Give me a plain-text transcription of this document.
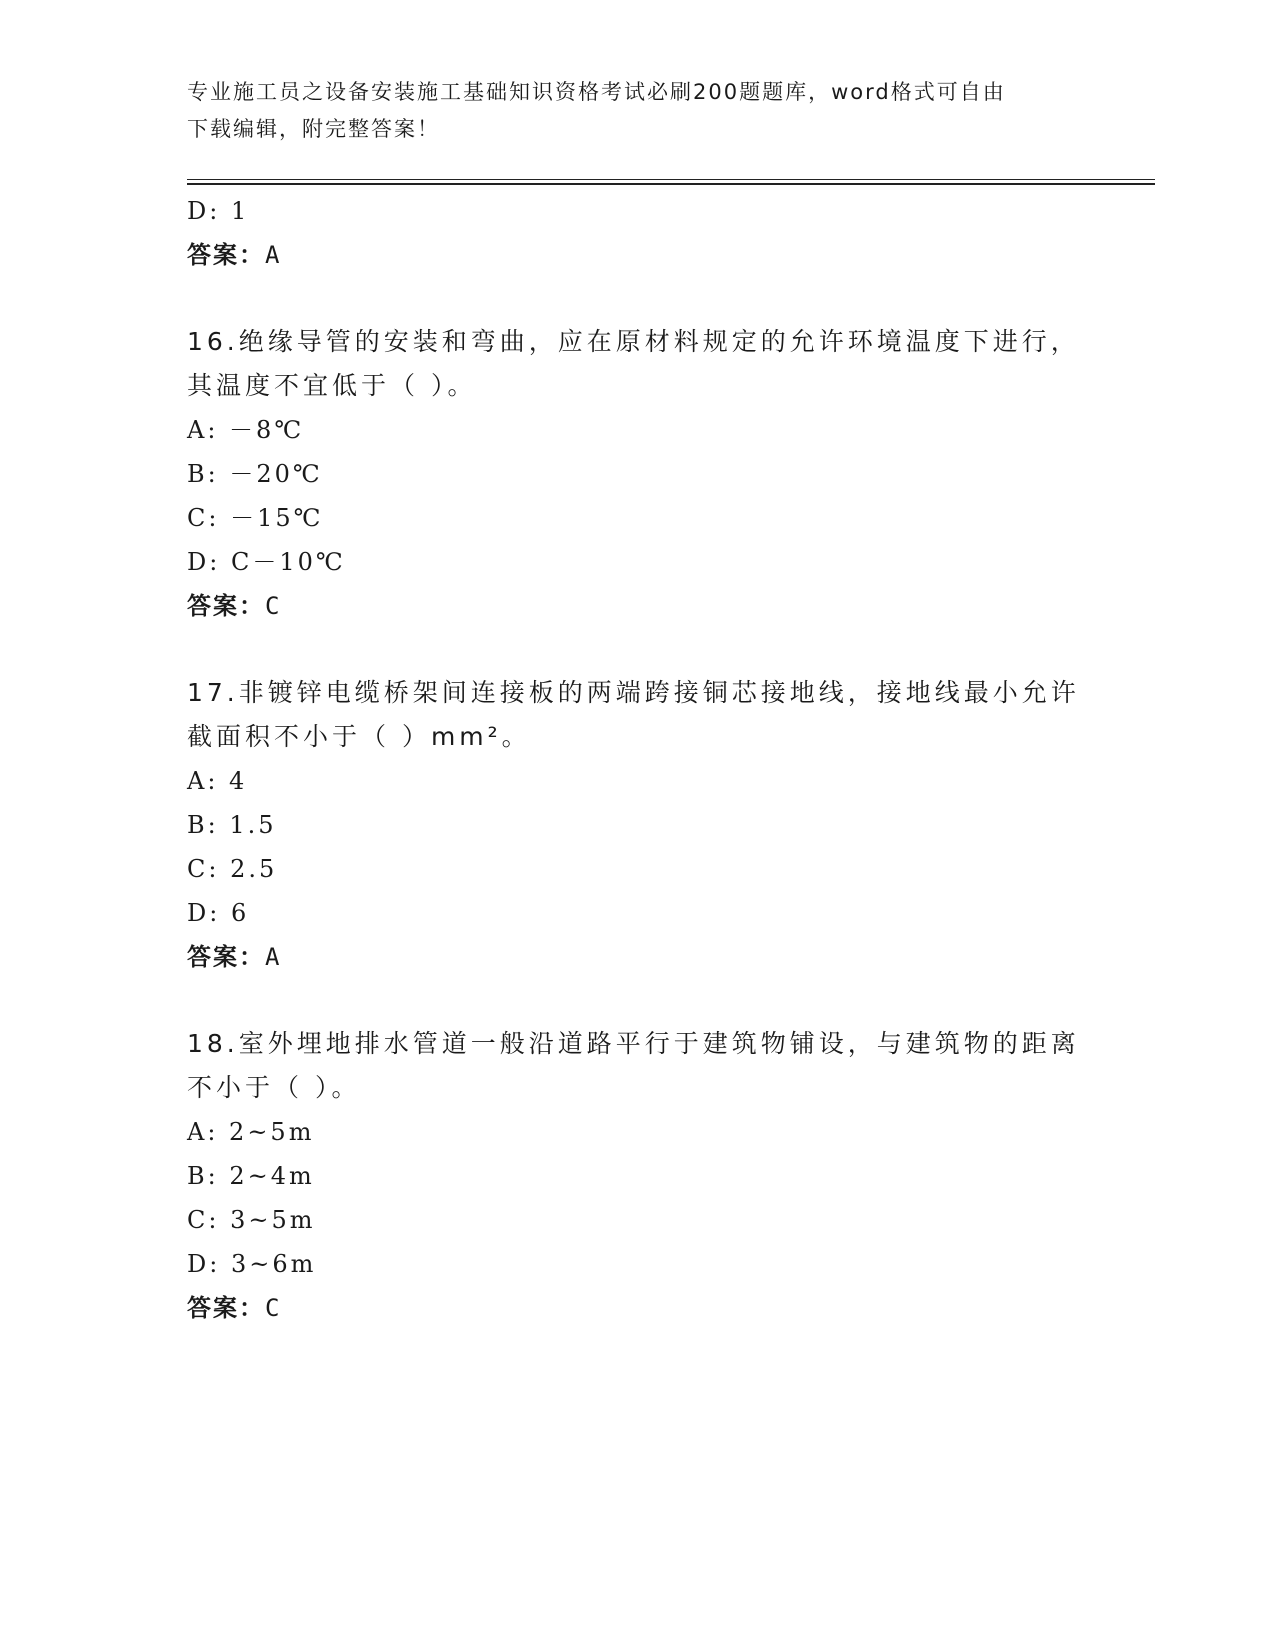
专业施工员之设备安装施工基础知识资格考试必刷200题题库，word格式可自由
下载编辑，附完整答案！
D: 1
答案：A
16.绝缘导管的安装和弯曲，应在原材料规定的允许环境温度下进行，
其温度不宜低于（ ）。
A: －8℃
B: －20℃
C: －15℃
D: C－10℃
答案：C
17.非镀锌电缆桥架间连接板的两端跨接铜芯接地线，接地线最小允许
截面积不小于（ ）mm²。
A: 4
B: 1.5
C: 2.5
D: 6
答案：A
18.室外埋地排水管道一般沿道路平行于建筑物铺设，与建筑物的距离
不小于（ ）。
A: 2~5m
B: 2~4m
C: 3~5m
D: 3~6m
答案：C
